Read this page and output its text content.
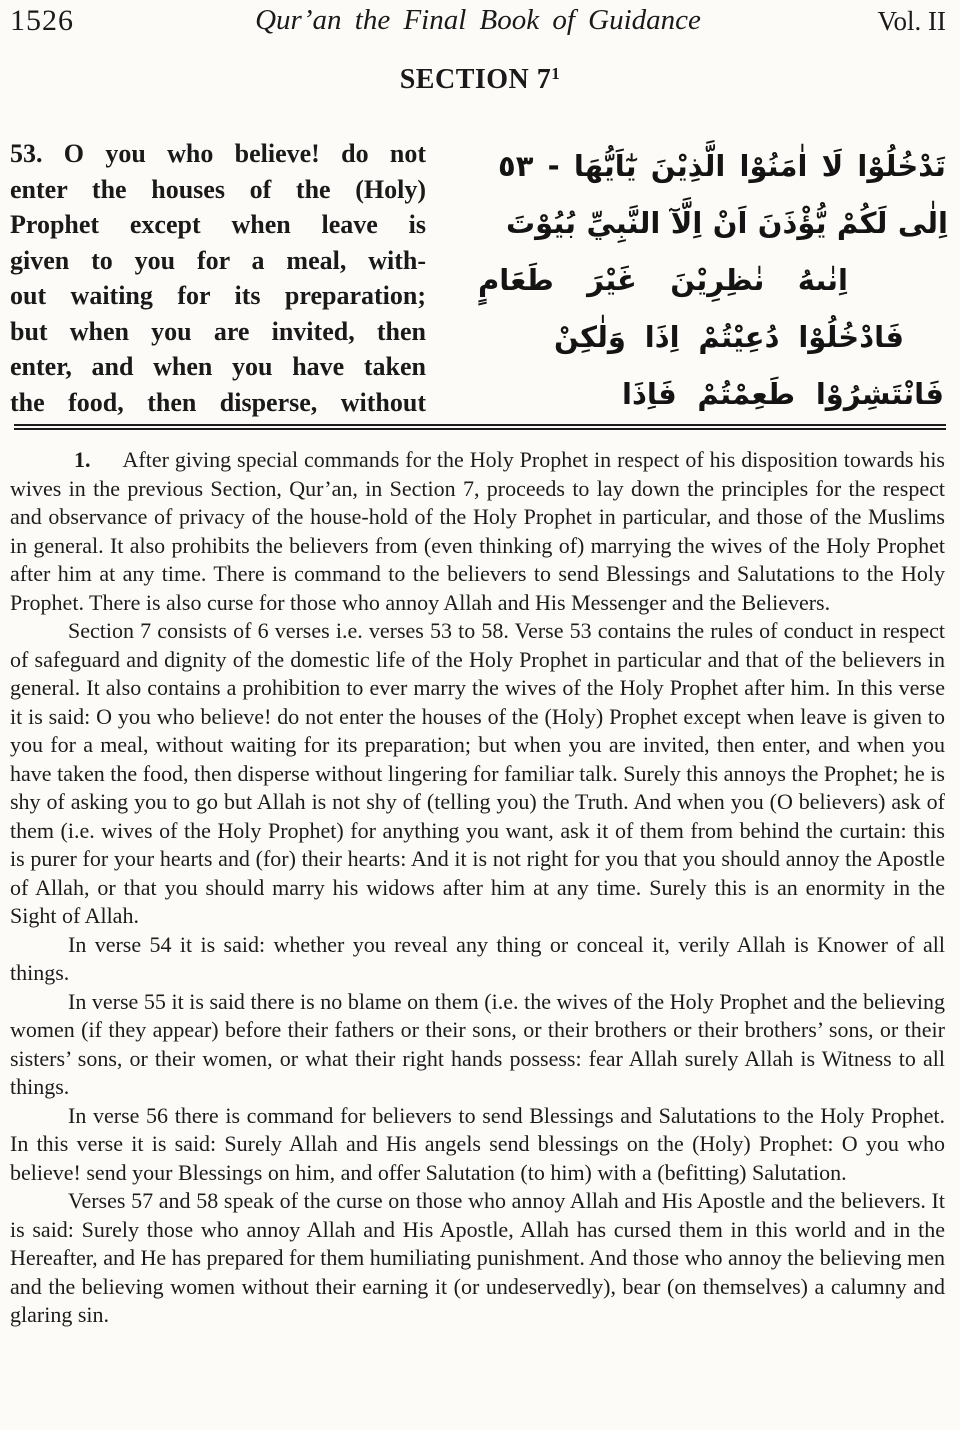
1526	Qur’an the Final Book of Guidance	Vol. II
SECTION $7^1$
53. O you who believe! do not
enter the houses of the (Holy)
Prophet except when leave is
given to you for a meal, with-
out waiting for its preparation;
but when you are invited, then
enter, and when you have taken
the food, then disperse, without
٥٣ - يٰٓاَيُّهَا الَّذِيْنَ اٰمَنُوْا لَا تَدْخُلُوْا
بُيُوْتَ النَّبِيِّ اِلَّآ اَنْ يُّؤْذَنَ لَكُمْ اِلٰى
طَعَامٍ غَيْرَ نٰظِرِيْنَ اِنٰىهُ
وَلٰكِنْ اِذَا دُعِيْتُمْ فَادْخُلُوْا
فَاِذَا طَعِمْتُمْ فَانْتَشِرُوْا

1. After giving special commands for the Holy Prophet in respect of his disposition towards his wives in the previous Section, Qur’an, in Section 7, proceeds to lay down the principles for the respect and observance of privacy of the house-hold of the Holy Prophet in particular, and those of the Muslims in general. It also prohibits the believers from (even thinking of) marrying the wives of the Holy Prophet after him at any time. There is command to the believers to send Blessings and Salutations to the Holy Prophet. There is also curse for those who annoy Allah and His Messenger and the Believers.

Section 7 consists of 6 verses i.e. verses 53 to 58. Verse 53 contains the rules of conduct in respect of safeguard and dignity of the domestic life of the Holy Prophet in particular and that of the believers in general. It also contains a prohibition to ever marry the wives of the Holy Prophet after him. In this verse it is said: O you who believe! do not enter the houses of the (Holy) Prophet except when leave is given to you for a meal, without waiting for its preparation; but when you are invited, then enter, and when you have taken the food, then disperse without lingering for familiar talk. Surely this annoys the Prophet; he is shy of asking you to go but Allah is not shy of (telling you) the Truth. And when you (O believers) ask of them (i.e. wives of the Holy Prophet) for anything you want, ask it of them from behind the curtain: this is purer for your hearts and (for) their hearts: And it is not right for you that you should annoy the Apostle of Allah, or that you should marry his widows after him at any time. Surely this is an enormity in the Sight of Allah.

In verse 54 it is said: whether you reveal any thing or conceal it, verily Allah is Knower of all things.

In verse 55 it is said there is no blame on them (i.e. the wives of the Holy Prophet and the believing women (if they appear) before their fathers or their sons, or their brothers or their brothers’ sons, or their sisters’ sons, or their women, or what their right hands possess: fear Allah surely Allah is Witness to all things.

In verse 56 there is command for believers to send Blessings and Salutations to the Holy Prophet. In this verse it is said: Surely Allah and His angels send blessings on the (Holy) Prophet: O you who believe! send your Blessings on him, and offer Salutation (to him) with a (befitting) Salutation.

Verses 57 and 58 speak of the curse on those who annoy Allah and His Apostle and the believers. It is said: Surely those who annoy Allah and His Apostle, Allah has cursed them in this world and in the Hereafter, and He has prepared for them humiliating punishment. And those who annoy the believing men and the believing women without their earning it (or undeservedly), bear (on themselves) a calumny and glaring sin.
